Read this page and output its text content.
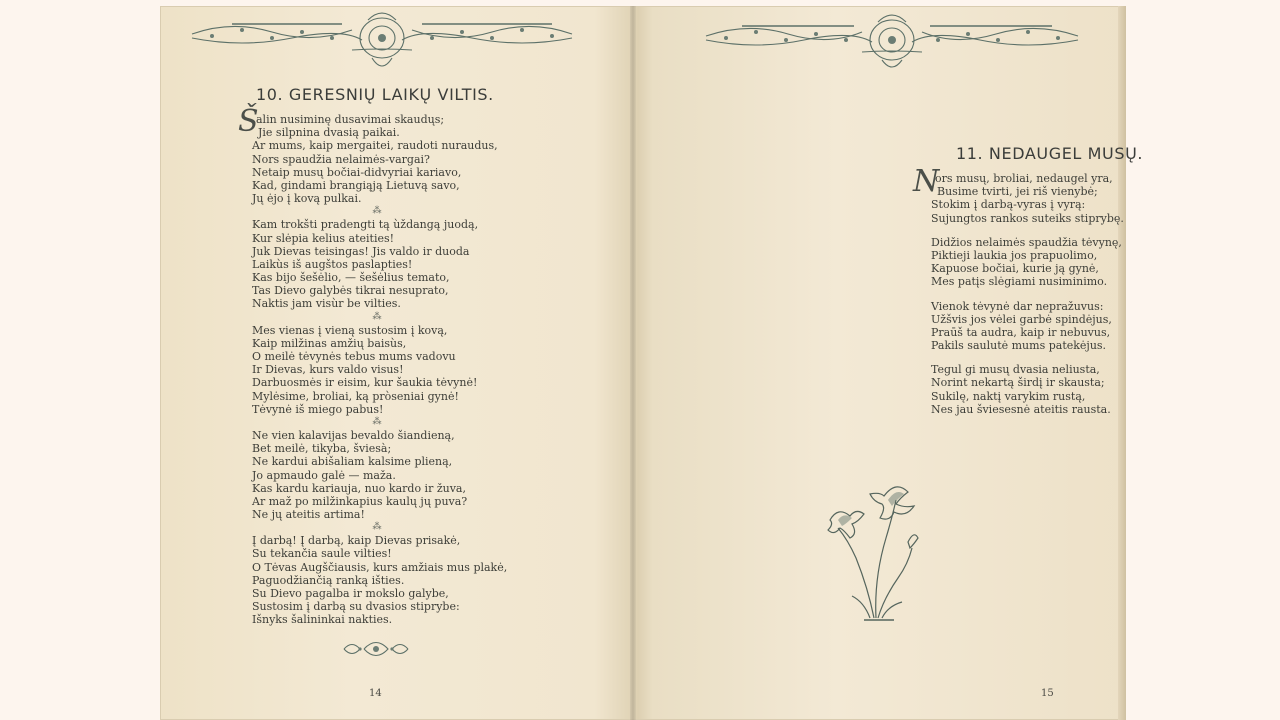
10. GERESNIŲ LAIKŲ VILTIS.
Š
alin nusiminę dusavimai skaudųs;
Jie silpnina dvasią paikai.
Ar mums, kaip mergaitei, raudoti nuraudus,
Nors spaudžia nelaimės-vargai?
Netaip musų bočiai-didvyriai kariavo,
Kad, gindami brangiąją Lietuvą savo,
Jų ėjo į kovą pulkai.
⁂
Kam trokšti pradengti tą ùždangą juodą,
Kur slėpia kelius ateities!
Juk Dievas teisingas! Jis valdo ir duoda
Laikùs iš augštos paslapties!
Kas bijo šešėlio, — šešėlius temato,
Tas Dievo galybės tikrai nesuprato,
Naktis jam visùr be vilties.
⁂
Mes vienas į vieną sustosim į kovą,
Kaip milžinas amžių baisùs,
O meilė tėvynės tebus mums vadovu
Ir Dievas, kurs valdo visus!
Darbuosmės ir eisim, kur šaukia tėvynė!
Mylėsime, broliai, ką pròseniai gynė!
Tėvynė iš miego pabus!
⁂
Ne vien kalavijas bevaldo šiandieną,
Bet meilė, tikyba, šviesà;
Ne kardui abišaliam kalsime plieną,
Jo apmaudo galė — maža.
Kas kardu kariauja, nuo kardo ir žuva,
Ar maž po milžinkapius kaulų jų puva?
Ne jų ateitis artima!
⁂
Į darbą! Į darbą, kaip Dievas prisakė,
Su tekančia saule vilties!
O Tėvas Augščiausis, kurs amžiais mus plakė,
Paguodžiančią ranką išties.
Su Dievo pagalba ir mokslo galybe,
Sustosim į darbą su dvasios stiprybe:
Išnyks šalininkai nakties.
14
11. NEDAUGEL MUSŲ.
N
ors musų, broliai, nedaugel yra,
Busime tvirti, jei riš vienybė;
Stokim į darbą-vyras į vyrą:
Sujungtos rankos suteiks stiprybę.
Didžios nelaimės spaudžia tėvynę,
Piktieji laukia jos prapuolimo,
Kapuose bočiai, kurie ją gynė,
Mes patįs slėgiami nusiminimo.
Vienok tėvynė dar nepražuvus:
Užšvis jos vėlei garbė spindėjus,
Praūš ta audra, kaip ir nebuvus,
Pakils saulutė mums patekėjus.
Tegul gi musų dvasia neliusta,
Norint nekartą širdį ir skausta;
Sukilę, naktį varykim rustą,
Nes jau šviesesnė ateitis rausta.
15
